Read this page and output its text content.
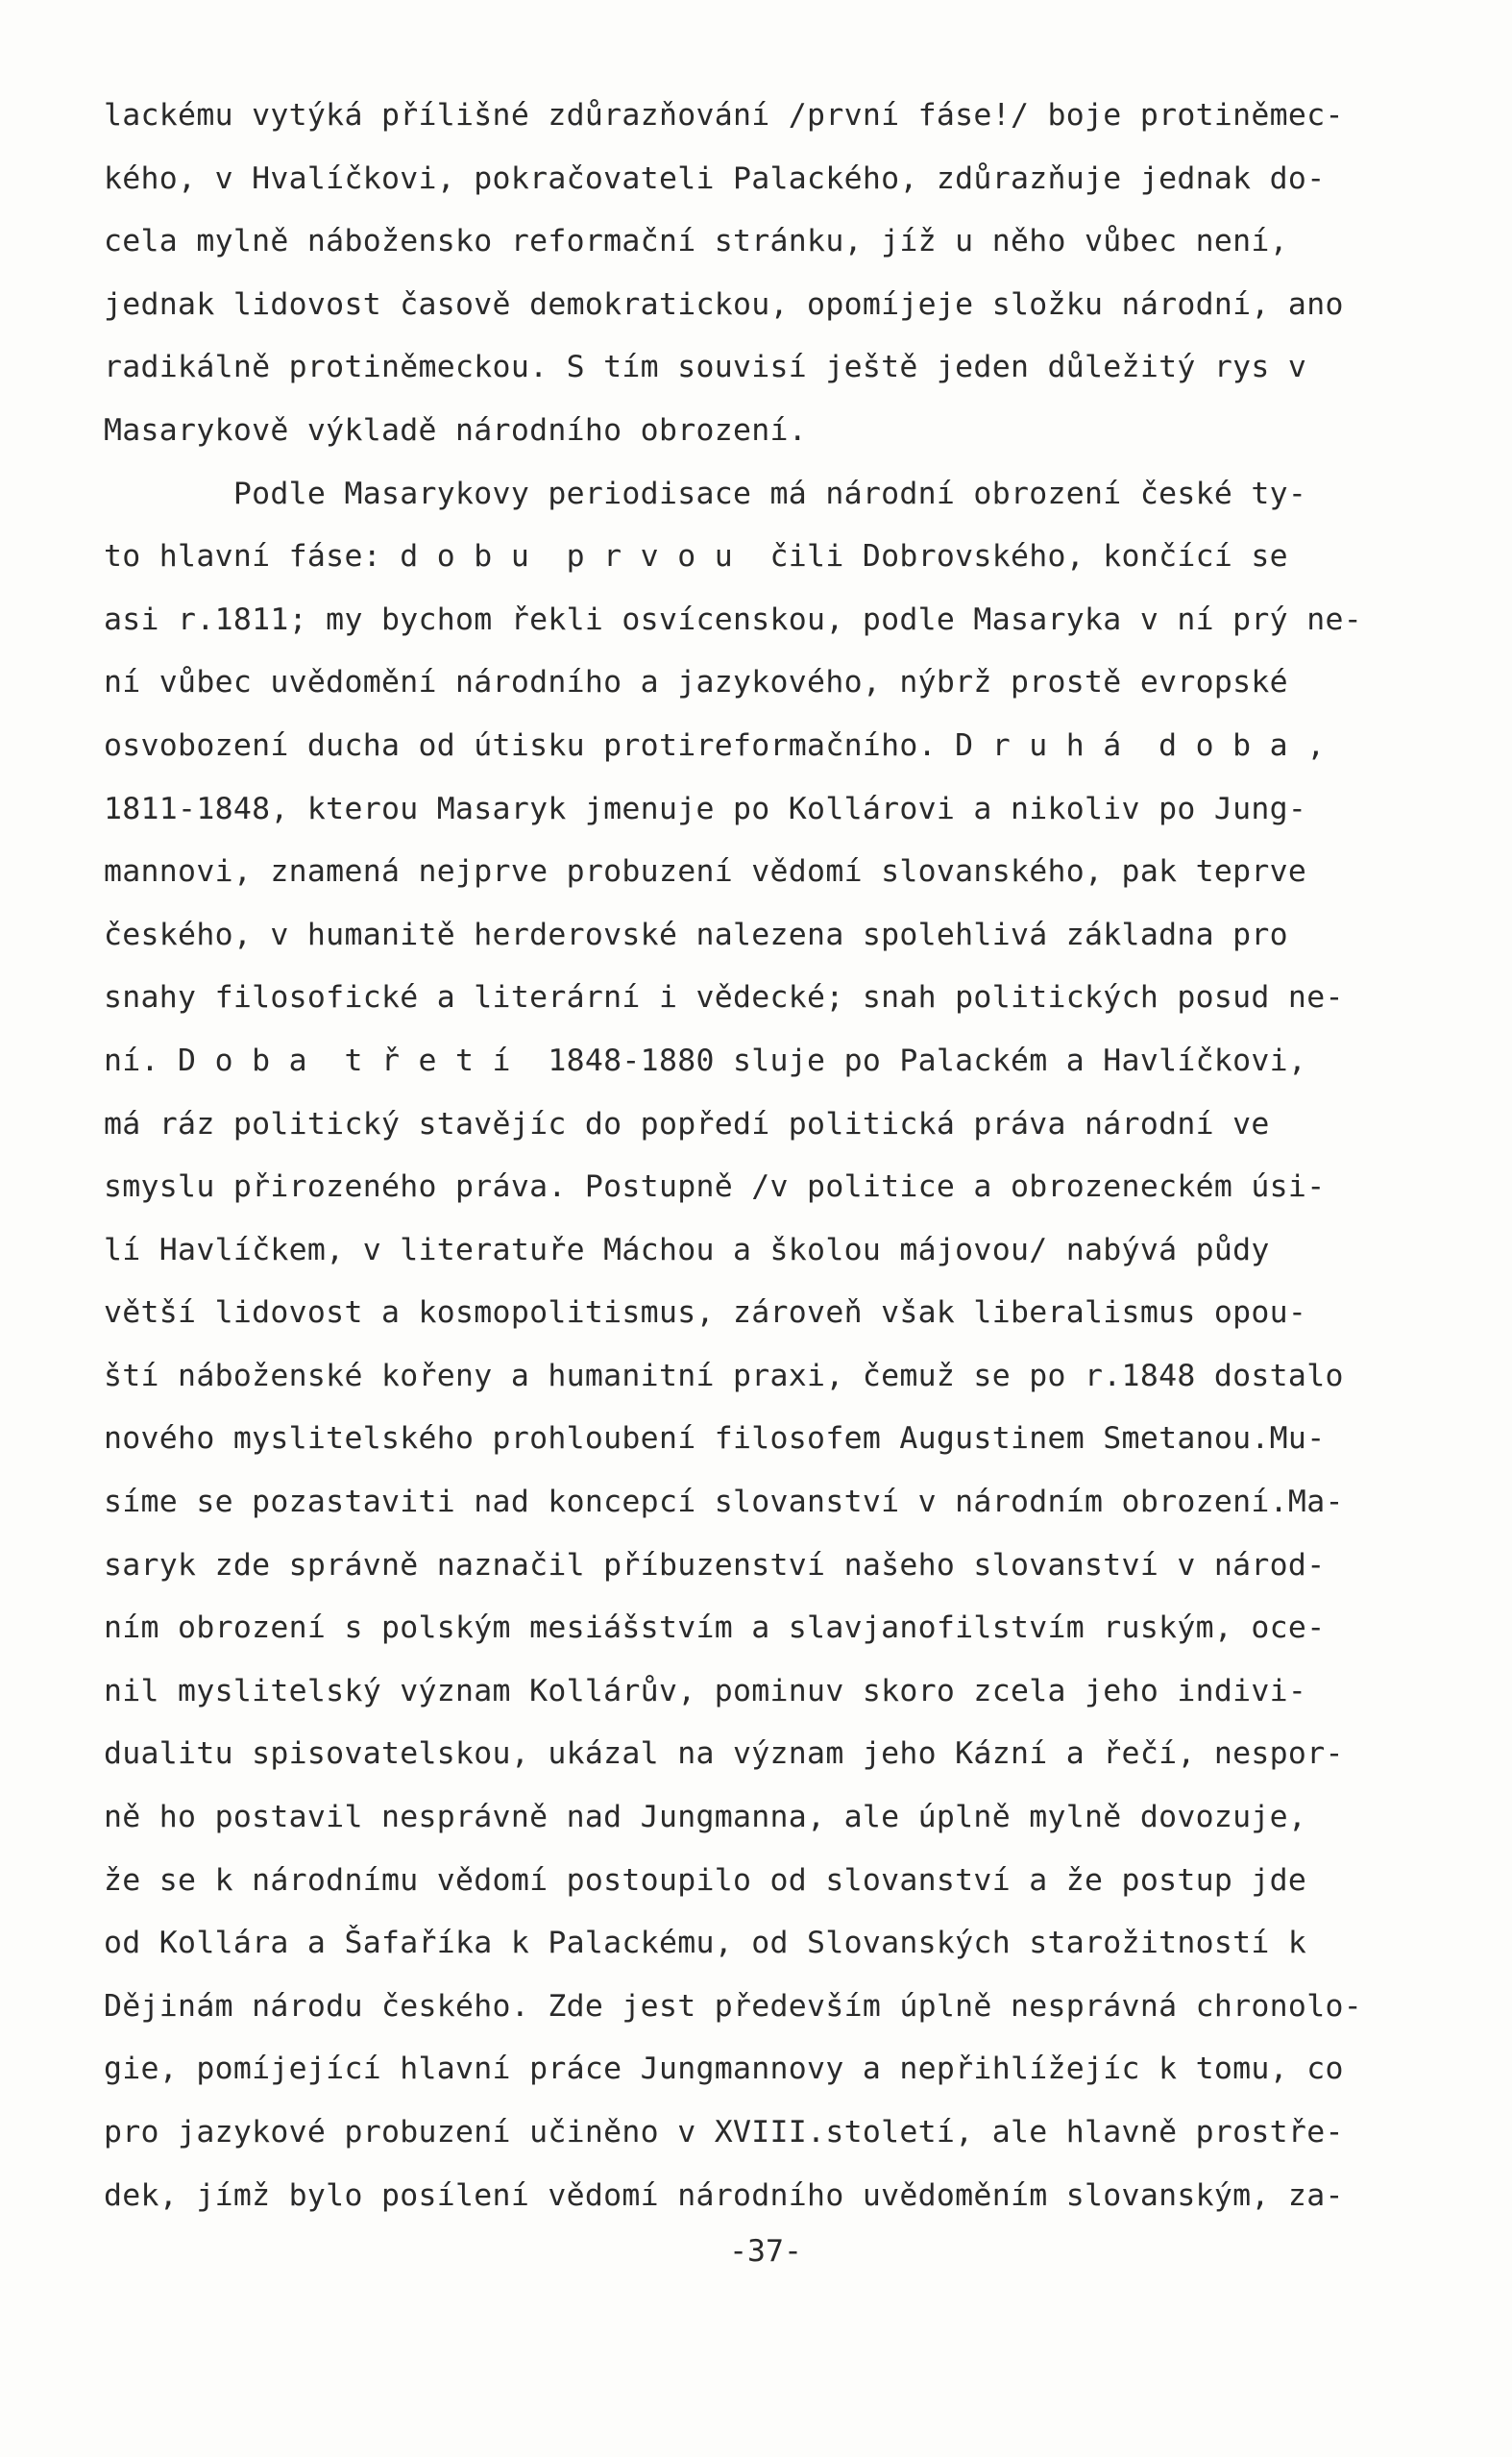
lackému vytýká přílišné zdůrazňování /první fáse!/ boje protiněmec-
kého, v Hvalíčkovi, pokračovateli Palackého, zdůrazňuje jednak do-
cela mylně nábožensko reformační stránku, jíž u něho vůbec není,
jednak lidovost časově demokratickou, opomíjeje složku národní, ano
radikálně protiněmeckou. S tím souvisí ještě jeden důležitý rys v
Masarykově výkladě národního obrození.
Podle Masarykovy periodisace má národní obrození české ty-
to hlavní fáse: d o b u  p r v o u  čili Dobrovského, končící se
asi r.1811; my bychom řekli osvícenskou, podle Masaryka v ní prý ne-
ní vůbec uvědomění národního a jazykového, nýbrž prostě evropské
osvobození ducha od útisku protireformačního. D r u h á  d o b a ,
1811-1848, kterou Masaryk jmenuje po Kollárovi a nikoliv po Jung-
mannovi, znamená nejprve probuzení vědomí slovanského, pak teprve
českého, v humanitě herderovské nalezena spolehlivá základna pro
snahy filosofické a literární i vědecké; snah politických posud ne-
ní. D o b a  t ř e t í  1848-1880 sluje po Palackém a Havlíčkovi,
má ráz politický stavějíc do popředí politická práva národní ve
smyslu přirozeného práva. Postupně /v politice a obrozeneckém úsi-
lí Havlíčkem, v literatuře Máchou a školou májovou/ nabývá půdy
větší lidovost a kosmopolitismus, zároveň však liberalismus opou-
ští náboženské kořeny a humanitní praxi, čemuž se po r.1848 dostalo
nového myslitelského prohloubení filosofem Augustinem Smetanou.Mu-
síme se pozastaviti nad koncepcí slovanství v národním obrození.Ma-
saryk zde správně naznačil příbuzenství našeho slovanství v národ-
ním obrození s polským mesiášstvím a slavjanofilstvím ruským, oce-
nil myslitelský význam Kollárův, pominuv skoro zcela jeho indivi-
dualitu spisovatelskou, ukázal na význam jeho Kázní a řečí, nespor-
ně ho postavil nesprávně nad Jungmanna, ale úplně mylně dovozuje,
že se k národnímu vědomí postoupilo od slovanství a že postup jde
od Kollára a Šafaříka k Palackému, od Slovanských starožitností k
Dějinám národu českého. Zde jest především úplně nesprávná chronolo-
gie, pomíjející hlavní práce Jungmannovy a nepřihlížejíc k tomu, co
pro jazykové probuzení učiněno v XVIII.století, ale hlavně prostře-
dek, jímž bylo posílení vědomí národního uvědoměním slovanským, za-
-37-
